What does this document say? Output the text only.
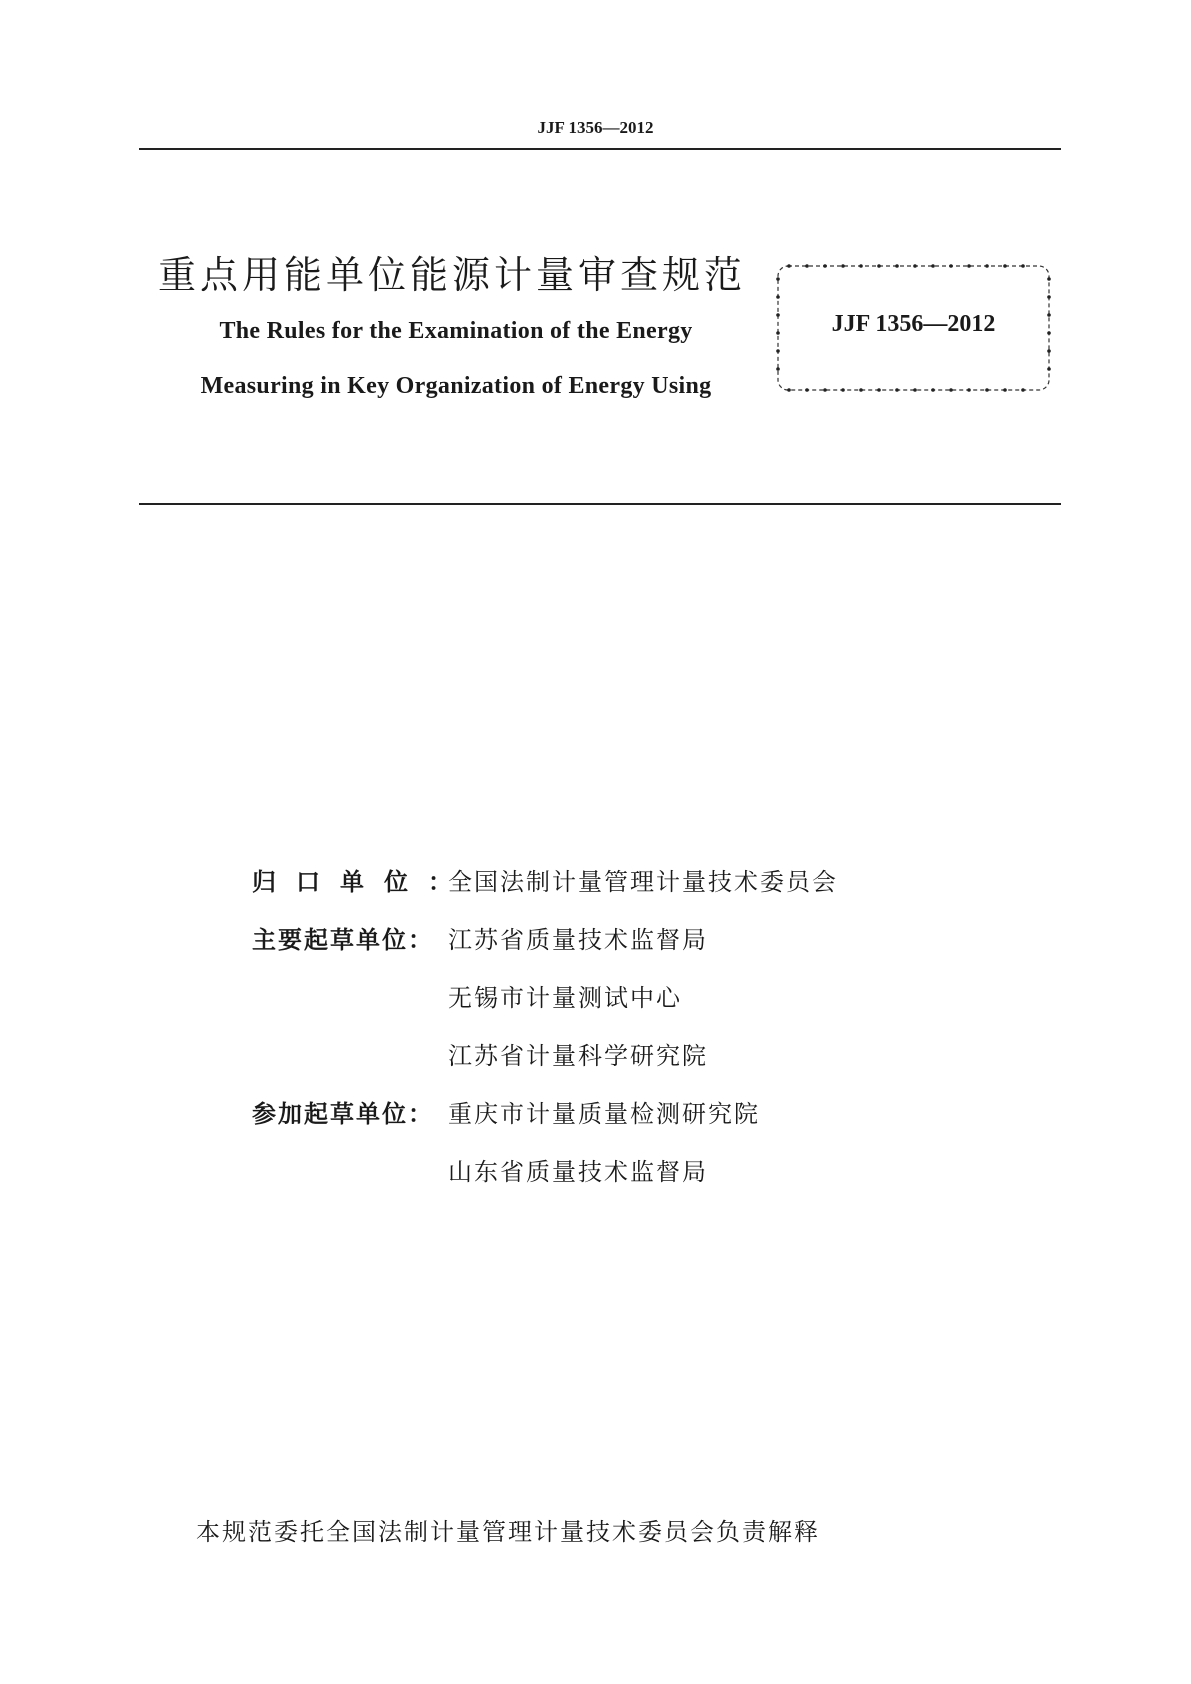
JJF 1356—2012
重点用能单位能源计量审查规范
The Rules for the Examination of the Energy
Measuring in Key Organization of Energy Using
JJF 1356—2012
归口单位：
全国法制计量管理计量技术委员会
主要起草单位： 江苏省质量技术监督局
无锡市计量测试中心
江苏省计量科学研究院
参加起草单位： 重庆市计量质量检测研究院
山东省质量技术监督局
本规范委托全国法制计量管理计量技术委员会负责解释
